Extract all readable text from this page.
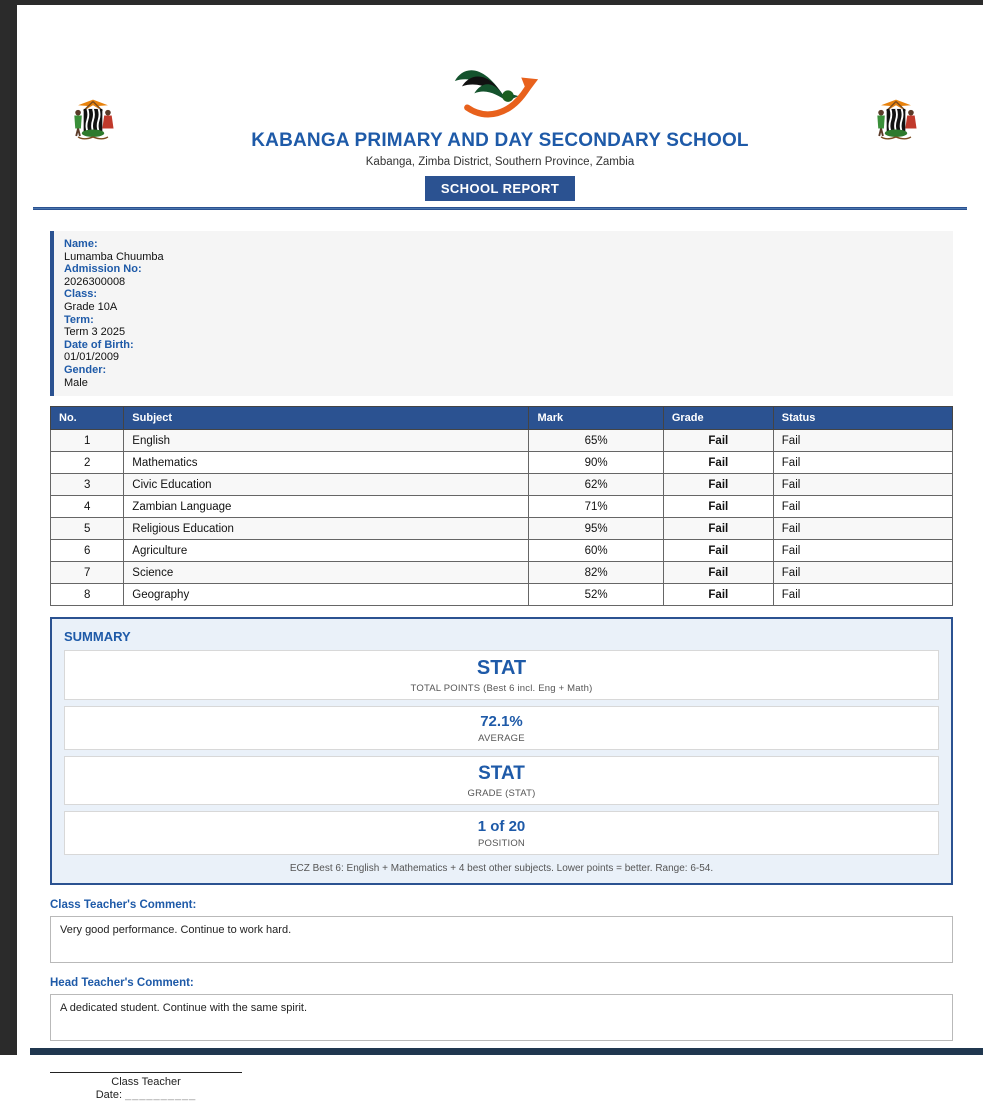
KABANGA PRIMARY AND DAY SECONDARY SCHOOL
Kabanga, Zimba District, Southern Province, Zambia
SCHOOL REPORT
Name:
Lumamba Chuumba
Admission No:
2026300008
Class:
Grade 10A
Term:
Term 3 2025
Date of Birth:
01/01/2009
Gender:
Male
No.	Subject	Mark	Grade	Status
1	English	65%	Fail	Fail
2	Mathematics	90%	Fail	Fail
3	Civic Education	62%	Fail	Fail
4	Zambian Language	71%	Fail	Fail
5	Religious Education	95%	Fail	Fail
6	Agriculture	60%	Fail	Fail
7	Science	82%	Fail	Fail
8	Geography	52%	Fail	Fail
SUMMARY
STAT
TOTAL POINTS (Best 6 incl. Eng + Math)
72.1%
AVERAGE
STAT
GRADE (STAT)
1 of 20
POSITION
ECZ Best 6: English + Mathematics + 4 best other subjects. Lower points = better. Range: 6-54.
Class Teacher's Comment:
Very good performance. Continue to work hard.
Head Teacher's Comment:
A dedicated student. Continue with the same spirit.
Class Teacher
Date: __________
